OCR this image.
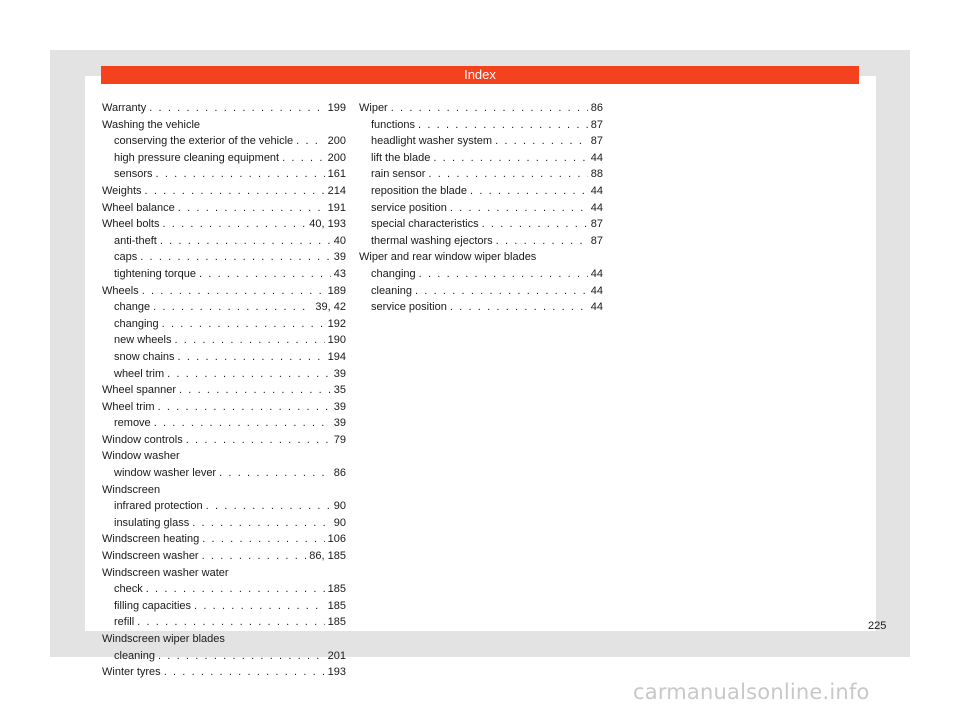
Index
Warranty . . .	199
Washing the vehicle
conserving the exterior of the vehicle . . .	200
high pressure cleaning equipment . . .	200
sensors . . .	161
Weights . . .	214
Wheel balance . . .	191
Wheel bolts . . .	40, 193
anti-theft . . .	40
caps . . .	39
tightening torque . . .	43
Wheels . . .	189
change . . .	39, 42
changing . . .	192
new wheels . . .	190
snow chains . . .	194
wheel trim . . .	39
Wheel spanner . . .	35
Wheel trim . . .	39
remove . . .	39
Window controls . . .	79
Window washer
window washer lever . . .	86
Windscreen
infrared protection . . .	90
insulating glass . . .	90
Windscreen heating . . .	106
Windscreen washer . . .	86, 185
Windscreen washer water
check . . .	185
filling capacities . . .	185
refill . . .	185
Windscreen wiper blades
cleaning . . .	201
Winter tyres . . .	193
Wiper . . .	86
functions . . .	87
headlight washer system . . .	87
lift the blade . . .	44
rain sensor . . .	88
reposition the blade . . .	44
service position . . .	44
special characteristics . . .	87
thermal washing ejectors . . .	87
Wiper and rear window wiper blades
changing . . .	44
cleaning . . .	44
service position . . .	44
225
carmanualsonline.info
